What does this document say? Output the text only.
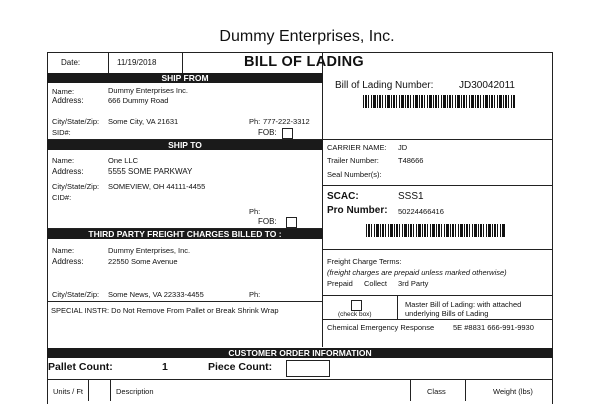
Dummy Enterprises, Inc.
Date:	11/19/2018	BILL OF LADING
SHIP FROM
Name:	Dummy Enterprises Inc.
Address:	666 Dummy Road
City/State/Zip: Some City, VA 21631	Ph: 777-222-3312
SID#:	FOB:
SHIP TO
Name:	One LLC
Address:	5555 SOME PARKWAY
City/State/Zip: SOMEVIEW, OH 44111-4455
CID#:
Ph:
FOB:
THIRD PARTY FREIGHT CHARGES BILLED TO :
Name:	Dummy Enterprises, Inc.
Address:	22550 Some Avenue
City/State/Zip: Some News, VA 22333-4455	Ph:
SPECIAL INSTR: Do Not Remove From Pallet or Break Shrink Wrap
Bill of Lading Number:	JD30042011
CARRIER NAME: JD
Trailer Number:	T48666
Seal Number(s):
SCAC:	SSS1
Pro Number: 50224466416
Freight Charge Terms:
(freight charges are prepaid unless marked otherwise)
Prepaid Collect 3rd Party
(check box)
Master Bill of Lading: with attached underlying Bills of Lading
Chemical Emergency Response	5E #8831 666-991-9930
CUSTOMER ORDER INFORMATION
Pallet Count:	1	Piece Count:
Units / Ft	Description	Class	Weight (lbs)
